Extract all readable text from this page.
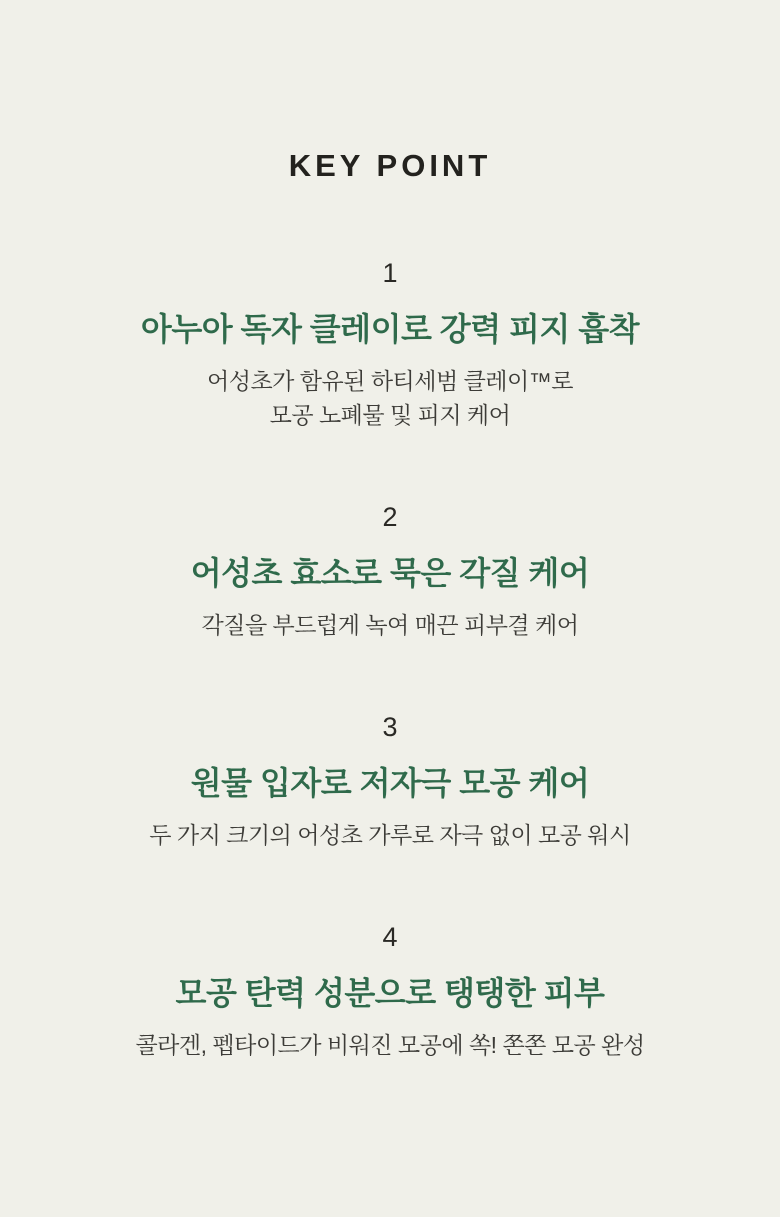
KEY POINT
1
아누아 독자 클레이로 강력 피지 흡착
어성초가 함유된 하티세범 클레이™로
모공 노폐물 및 피지 케어
2
어성초 효소로 묵은 각질 케어
각질을 부드럽게 녹여 매끈 피부결 케어
3
원물 입자로 저자극 모공 케어
두 가지 크기의 어성초 가루로 자극 없이 모공 워시
4
모공 탄력 성분으로 탱탱한 피부
콜라겐, 펩타이드가 비워진 모공에 쏙! 쫀쫀 모공 완성
